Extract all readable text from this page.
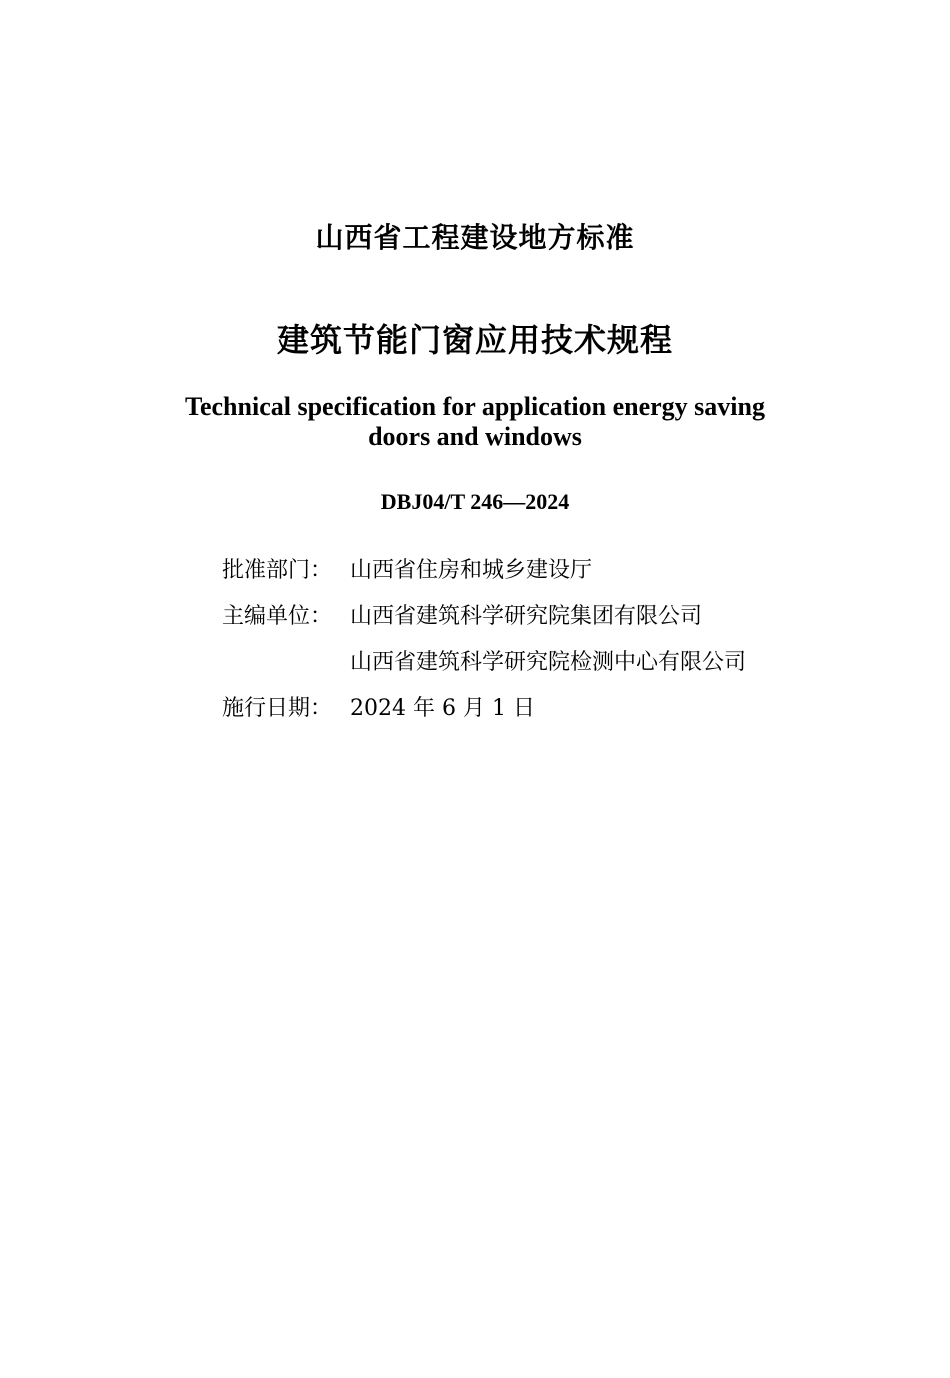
山西省工程建设地方标准
建筑节能门窗应用技术规程
Technical specification for application energy saving
doors and windows
DBJ04/T 246—2024
批准部门： 山西省住房和城乡建设厅
主编单位： 山西省建筑科学研究院集团有限公司
山西省建筑科学研究院检测中心有限公司
施行日期： 2024 年 6 月 1 日
